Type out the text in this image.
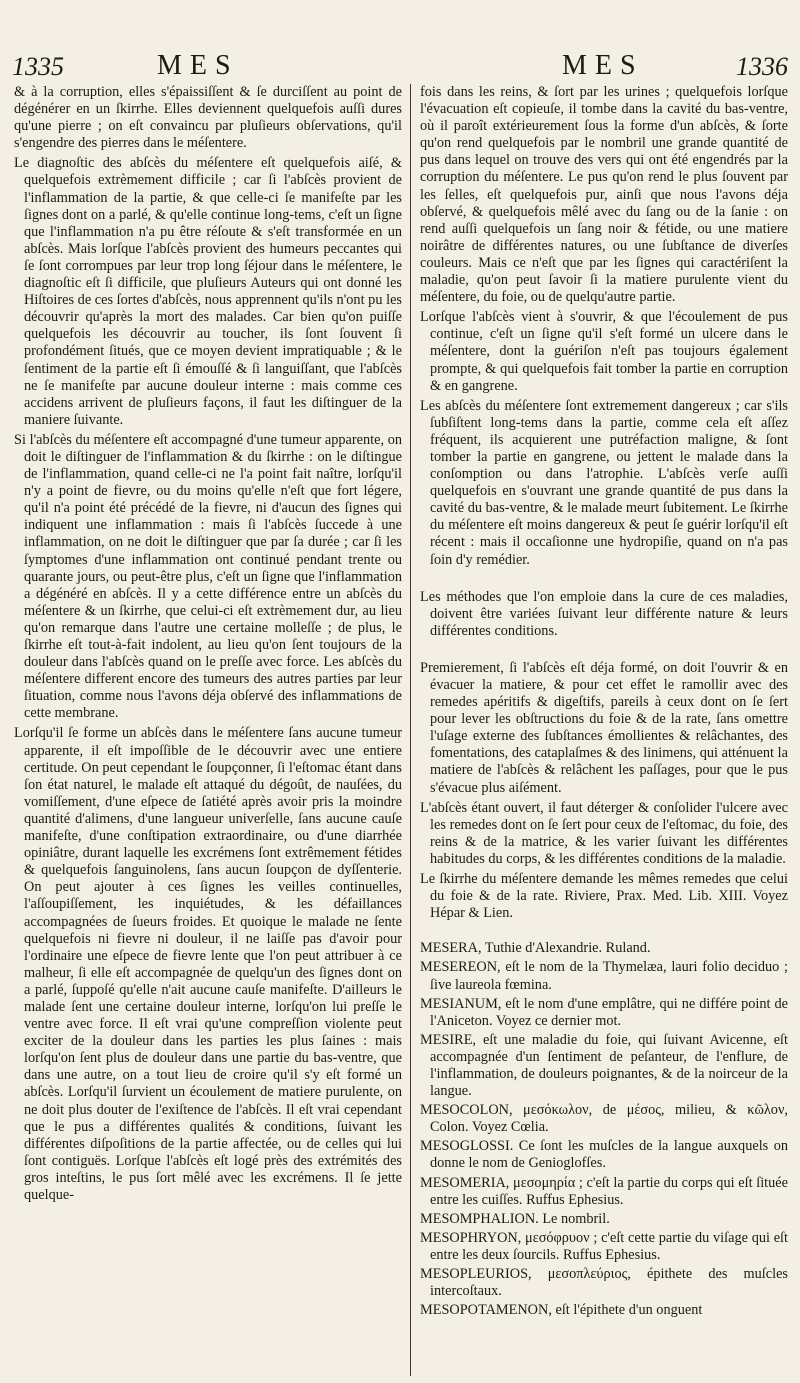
1335	MES	MES	1336

& à la corruption, elles s'épaissiſſent & ſe durciſſent au point de dégénérer en un ſkirrhe. Elles deviennent quelquefois auſſi dures qu'une pierre ; on eſt convaincu par pluſieurs obſervations, qu'il s'engendre des pierres dans le méſentere.

Le diagnoſtic des abſcès du méſentere eſt quelquefois aiſé, & quelquefois extrèmement difficile ; car ſi l'abſcès provient de l'inflammation de la partie, & que celle-ci ſe manifeſte par les ſignes dont on a parlé, & qu'elle continue long-tems, c'eſt un ſigne que l'inflammation n'a pu être réſoute & s'eſt transformée en un abſcès. Mais lorſque l'abſcès provient des humeurs peccantes qui ſe ſont corrompues par leur trop long ſéjour dans le méſentere, le diagnoſtic eſt ſi difficile, que pluſieurs Auteurs qui ont donné les Hiſtoires de ces ſortes d'abſcès, nous apprennent qu'ils n'ont pu les découvrir qu'après la mort des malades. Car bien qu'on puiſſe quelquefois les découvrir au toucher, ils ſont ſouvent ſi profondément ſitués, que ce moyen devient impratiquable ; & le ſentiment de la partie eſt ſi émouſſé & ſi languiſſant, que l'abſcès ne ſe manifeſte par aucune douleur interne : mais comme ces accidens arrivent de pluſieurs façons, il faut les diſtinguer de la maniere ſuivante.

Si l'abſcès du méſentere eſt accompagné d'une tumeur apparente, on doit le diſtinguer de l'inflammation & du ſkirrhe : on le diſtingue de l'inflammation, quand celle-ci ne l'a point fait naître, lorſqu'il n'y a point de fievre, ou du moins qu'elle n'eſt que fort légere, qu'il n'a point été précédé de la fievre, ni d'aucun des ſignes qui indiquent une inflammation : mais ſi l'abſcès ſuccede à une inflammation, on ne doit le diſtinguer que par ſa durée ; car ſi les ſymptomes d'une inflammation ont continué pendant trente ou quarante jours, ou peut-être plus, c'eſt un ſigne que l'inflammation a dégénéré en abſcès. Il y a cette différence entre un abſcès du méſentere & un ſkirrhe, que celui-ci eſt extrèmement dur, au lieu qu'on remarque dans l'autre une certaine molleſſe ; de plus, le ſkirrhe eſt tout-à-fait indolent, au lieu qu'on ſent toujours de la douleur dans l'abſcès quand on le preſſe avec force. Les abſcès du méſentere different encore des tumeurs des autres parties par leur ſituation, comme nous l'avons déja obſervé des inflammations de cette membrane.

Lorſqu'il ſe forme un abſcès dans le méſentere ſans aucune tumeur apparente, il eſt impoſſible de le découvrir avec une entiere certitude. On peut cependant le ſoupçonner, ſi l'eſtomac étant dans ſon état naturel, le malade eſt attaqué du dégoût, de nauſées, du vomiſſement, d'une eſpece de ſatiété après avoir pris la moindre quantité d'alimens, d'une langueur univerſelle, ſans aucune cauſe manifeſte, d'une conſtipation extraordinaire, ou d'une diarrhée opiniâtre, durant laquelle les excrémens ſont extrêmement fétides & quelquefois ſanguinolens, ſans aucun ſoupçon de dyſſenterie. On peut ajouter à ces ſignes les veilles continuelles, l'aſſoupiſſement, les inquiétudes, & les défaillances accompagnées de ſueurs froides. Et quoique le malade ne ſente quelquefois ni fievre ni douleur, il ne laiſſe pas d'avoir pour l'ordinaire une eſpece de fievre lente que l'on peut attribuer à ce malheur, ſi elle eſt accompagnée de quelqu'un des ſignes dont on a parlé, ſuppoſé qu'elle n'ait aucune cauſe manifeſte. D'ailleurs le malade ſent une certaine douleur interne, lorſqu'on lui preſſe le ventre avec force. Il eſt vrai qu'une compreſſion violente peut exciter de la douleur dans les parties les plus ſaines : mais lorſqu'on ſent plus de douleur dans une partie du bas-ventre, que dans une autre, on a tout lieu de croire qu'il s'y eſt formé un abſcès. Lorſqu'il ſurvient un écoulement de matiere purulente, on ne doit plus douter de l'exiſtence de l'abſcès. Il eſt vrai cependant que le pus a différentes qualités & conditions, ſuivant les différentes diſpoſitions de la partie affectée, ou de celles qui lui ſont contiguës. Lorſque l'abſcès eſt logé près des extrémités des gros inteſtins, le pus ſort mêlé avec les excrémens. Il ſe jette quelque-

fois dans les reins, & ſort par les urines ; quelquefois lorſque l'évacuation eſt copieuſe, il tombe dans la cavité du bas-ventre, où il paroît extérieurement ſous la forme d'un abſcès, & ſorte qu'on rend quelquefois par le nombril une grande quantité de pus dans lequel on trouve des vers qui ont été engendrés par la corruption du méſentere. Le pus qu'on rend le plus ſouvent par les ſelles, eſt quelquefois pur, ainſi que nous l'avons déja obſervé, & quelquefois mêlé avec du ſang ou de la ſanie : on rend auſſi quelquefois un ſang noir & fétide, ou une matiere noirâtre de différentes natures, ou une ſubſtance de diverſes couleurs. Mais ce n'eſt que par les ſignes qui caractériſent la maladie, qu'on peut ſavoir ſi la matiere purulente vient du méſentere, du foie, ou de quelqu'autre partie.

Lorſque l'abſcès vient à s'ouvrir, & que l'écoulement de pus continue, c'eſt un ſigne qu'il s'eſt formé un ulcere dans le méſentere, dont la guériſon n'eſt pas toujours également prompte, & qui quelquefois fait tomber la partie en corruption & en gangrene.

Les abſcès du méſentere ſont extremement dangereux ; car s'ils ſubſiſtent long-tems dans la partie, comme cela eſt aſſez fréquent, ils acquierent une putréfaction maligne, & ſont tomber la partie en gangrene, ou jettent le malade dans la conſomption ou dans l'atrophie. L'abſcès verſe auſſi quelquefois en s'ouvrant une grande quantité de pus dans la cavité du bas-ventre, & le malade meurt ſubitement. Le ſkirrhe du méſentere eſt moins dangereux & peut ſe guérir lorſqu'il eſt récent : mais il occaſionne une hydropiſie, quand on n'a pas ſoin d'y remédier.

Les méthodes que l'on emploie dans la cure de ces maladies, doivent être variées ſuivant leur différente nature & leurs différentes conditions.

Premierement, ſi l'abſcès eſt déja formé, on doit l'ouvrir & en évacuer la matiere, & pour cet effet le ramollir avec des remedes apéritifs & digeſtifs, pareils à ceux dont on ſe ſert pour lever les obſtructions du foie & de la rate, ſans omettre l'uſage externe des ſubſtances émollientes & relâchantes, des fomentations, des cataplaſmes & des linimens, qui atténuent la matiere de l'abſcès & relâchent les paſſages, pour que le pus s'évacue plus aiſément.

L'abſcès étant ouvert, il faut déterger & conſolider l'ulcere avec les remedes dont on ſe ſert pour ceux de l'eſtomac, du foie, des reins & de la matrice, & les varier ſuivant les différentes habitudes du corps, & les différentes conditions de la maladie.

Le ſkirrhe du méſentere demande les mêmes remedes que celui du foie & de la rate. Riviere, Prax. Med. Lib. XIII. Voyez Hépar & Lien.

MESERA, Tuthie d'Alexandrie. Ruland.

MESEREON, eſt le nom de la Thymelæa, lauri folio deciduo ; ſive laureola fœmina.

MESIANUM, eſt le nom d'une emplâtre, qui ne différe point de l'Aniceton. Voyez ce dernier mot.

MESIRE, eſt une maladie du foie, qui ſuivant Avicenne, eſt accompagnée d'un ſentiment de peſanteur, de l'enflure, de l'inflammation, de douleurs poignantes, & de la noirceur de la langue.

MESOCOLON, μεσόκωλον, de μέσος, milieu, & κῶλον, Colon. Voyez Cœlia.

MESOGLOSSI. Ce ſont les muſcles de la langue auxquels on donne le nom de Genioglofſes.

MESOMERIA, μεσομηρία ; c'eſt la partie du corps qui eſt ſituée entre les cuiſſes. Ruffus Ephesius.

MESOMPHALION. Le nombril.

MESOPHRYON, μεσόφρυον ; c'eſt cette partie du viſage qui eſt entre les deux ſourcils. Ruffus Ephesius.

MESOPLEURIOS, μεσοπλεύριος, épithete des muſcles intercoſtaux.

MESOPOTAMENON, eſt l'épithete d'un onguent
